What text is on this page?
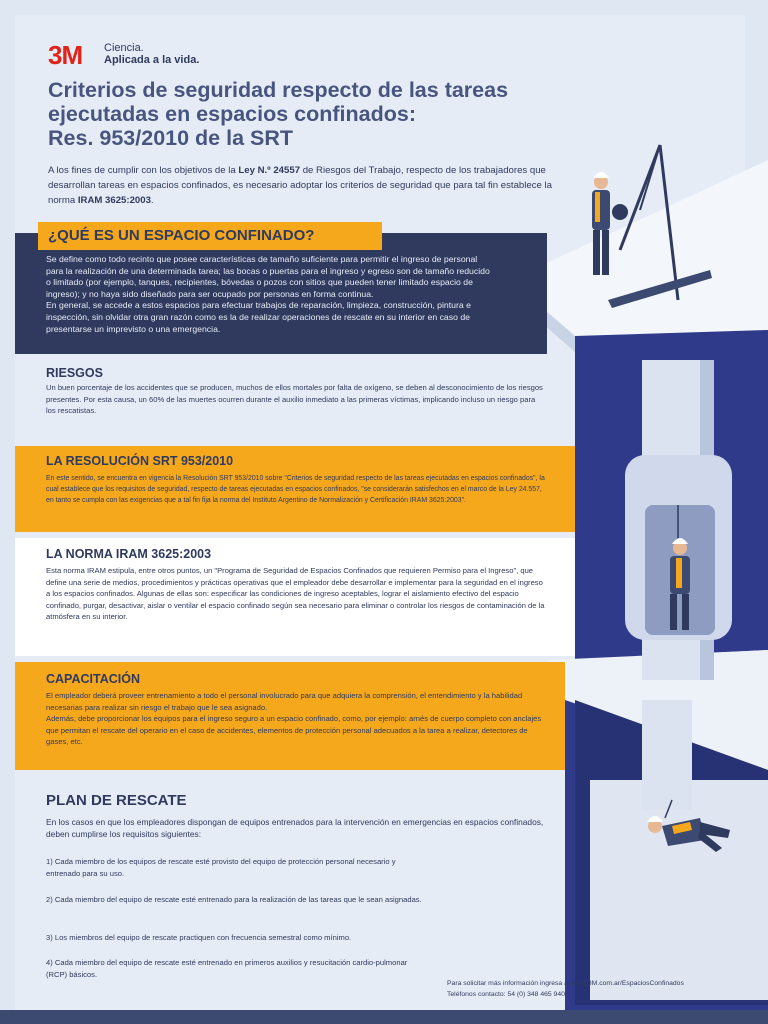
3M Ciencia.
Aplicada a la vida.
Criterios de seguridad respecto de las tareas
ejecutadas en espacios confinados:
Res. 953/2010 de la SRT
A los fines de cumplir con los objetivos de la Ley N.º 24557 de Riesgos del Trabajo, respecto de los trabajadores que desarrollan tareas en espacios confinados, es necesario adoptar los criterios de seguridad que para tal fin establece la norma IRAM 3625:2003.
¿QUÉ ES UN ESPACIO CONFINADO?
Se define como todo recinto que posee características de tamaño suficiente para permitir el ingreso de personal para la realización de una determinada tarea; las bocas o puertas para el ingreso y egreso son de tamaño reducido o limitado (por ejemplo, tanques, recipientes, bóvedas o pozos con sitios que pueden tener limitado espacio de ingreso); y no haya sido diseñado para ser ocupado por personas en forma continua.
En general, se accede a estos espacios para efectuar trabajos de reparación, limpieza, construcción, pintura e inspección, sin olvidar otra gran razón como es la de realizar operaciones de rescate en su interior en caso de presentarse un imprevisto o una emergencia.
RIESGOS
Un buen porcentaje de los accidentes que se producen, muchos de ellos mortales por falta de oxígeno, se deben al desconocimiento de los riesgos presentes. Por esta causa, un 60% de las muertes ocurren durante el auxilio inmediato a las primeras víctimas, implicando incluso un riesgo para los rescatistas.
LA RESOLUCIÓN SRT 953/2010
En este sentido, se encuentra en vigencia la Resolución SRT 953/2010 sobre "Criterios de seguridad respecto de las tareas ejecutadas en espacios confinados", la cual establece que los requisitos de seguridad, respecto de tareas ejecutadas en espacios confinados, "se considerarán satisfechos en el marco de la Ley 24.557, en tanto se cumpla con las exigencias que a tal fin fija la norma del Instituto Argentino de Normalización y Certificación IRAM 3625:2003".
LA NORMA IRAM 3625:2003
Esta norma IRAM estipula, entre otros puntos, un "Programa de Seguridad de Espacios Confinados que requieren Permiso para el Ingreso", que define una serie de medios, procedimientos y prácticas operativas que el empleador debe desarrollar e implementar para la seguridad en el ingreso a los espacios confinados. Algunas de ellas son: especificar las condiciones de ingreso aceptables, lograr el aislamiento efectivo del espacio confinado, purgar, desactivar, aislar o ventilar el espacio confinado según sea necesario para eliminar o controlar los riesgos de contaminación de la atmósfera en su interior.
CAPACITACIÓN
El empleador deberá proveer entrenamiento a todo el personal involucrado para que adquiera la comprensión, el entendimiento y la habilidad necesarias para realizar sin riesgo el trabajo que le sea asignado.
Además, debe proporcionar los equipos para el ingreso seguro a un espacio confinado, como, por ejemplo: arnés de cuerpo completo con anclajes que permitan el rescate del operario en el caso de accidentes, elementos de protección personal adecuados a la tarea a realizar, detectores de gases, etc.
PLAN DE RESCATE
En los casos en que los empleadores dispongan de equipos entrenados para la intervención en emergencias en espacios confinados, deben cumplirse los requisitos siguientes:
1) Cada miembro de los equipos de rescate esté provisto del equipo de protección personal necesario y entrenado para su uso.
2) Cada miembro del equipo de rescate esté entrenado para la realización de las tareas que le sean asignadas.
3) Los miembros del equipo de rescate practiquen con frecuencia semestral como mínimo.
4) Cada miembro del equipo de rescate esté entrenado en primeros auxilios y resucitación cardio-pulmonar (RCP) básicos.
Para solicitar más información ingresa a: www.3M.com.ar/EspaciosConfinados
Teléfonos contacto: 54 (0) 348 465 9400
